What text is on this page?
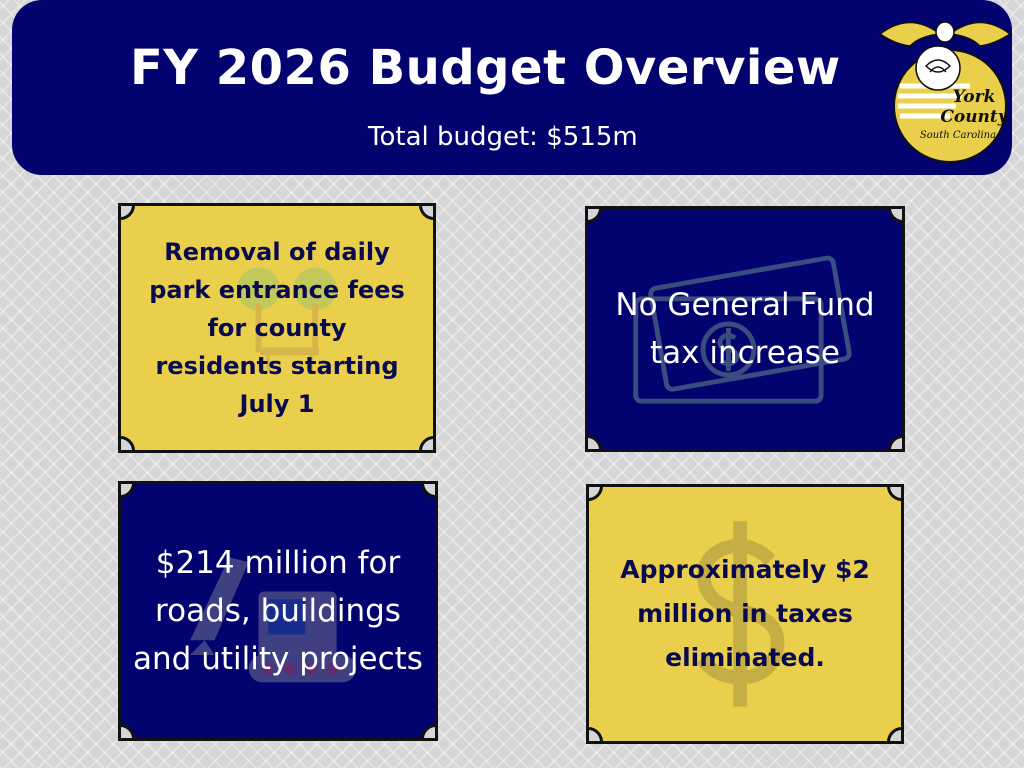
FY 2026 Budget Overview
Total budget: $515m
York
County
South Carolina
Removal of daily park entrance fees for county residents starting July 1
No General Fund tax increase
$214 million for roads, buildings and utility projects
Approximately $2 million in taxes eliminated.
